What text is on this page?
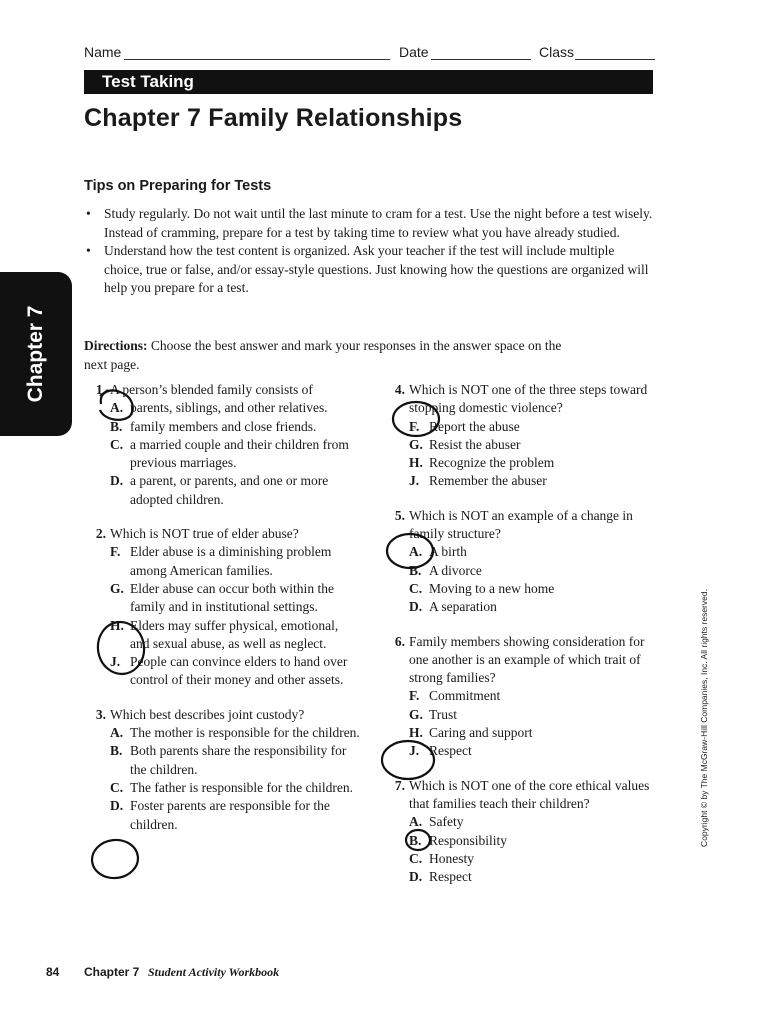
Name	Date	Class
Test Taking
Chapter 7 Family Relationships
Chapter 7
Tips on Preparing for Tests
• Study regularly. Do not wait until the last minute to cram for a test. Use the night before a test wisely. Instead of cramming, prepare for a test by taking time to review what you have already studied.
• Understand how the test content is organized. Ask your teacher if the test will include multiple choice, true or false, and/or essay-style questions. Just knowing how the questions are organized will help you prepare for a test.
Directions: Choose the best answer and mark your responses in the answer space on the next page.
1. A person’s blended family consists of
A. parents, siblings, and other relatives.
B. family members and close friends.
C. a married couple and their children from previous marriages.
D. a parent, or parents, and one or more adopted children.
2. Which is NOT true of elder abuse?
F. Elder abuse is a diminishing problem among American families.
G. Elder abuse can occur both within the family and in institutional settings.
H. Elders may suffer physical, emotional, and sexual abuse, as well as neglect.
J. People can convince elders to hand over control of their money and other assets.
3. Which best describes joint custody?
A. The mother is responsible for the children.
B. Both parents share the responsibility for the children.
C. The father is responsible for the children.
D. Foster parents are responsible for the children.
4. Which is NOT one of the three steps toward stopping domestic violence?
F. Report the abuse
G. Resist the abuser
H. Recognize the problem
J. Remember the abuser
5. Which is NOT an example of a change in family structure?
A. A birth
B. A divorce
C. Moving to a new home
D. A separation
6. Family members showing consideration for one another is an example of which trait of strong families?
F. Commitment
G. Trust
H. Caring and support
J. Respect
7. Which is NOT one of the core ethical values that families teach their children?
A. Safety
B. Responsibility
C. Honesty
D. Respect
Copyright © by The McGraw-Hill Companies, Inc. All rights reserved.
84 Chapter 7 Student Activity Workbook
